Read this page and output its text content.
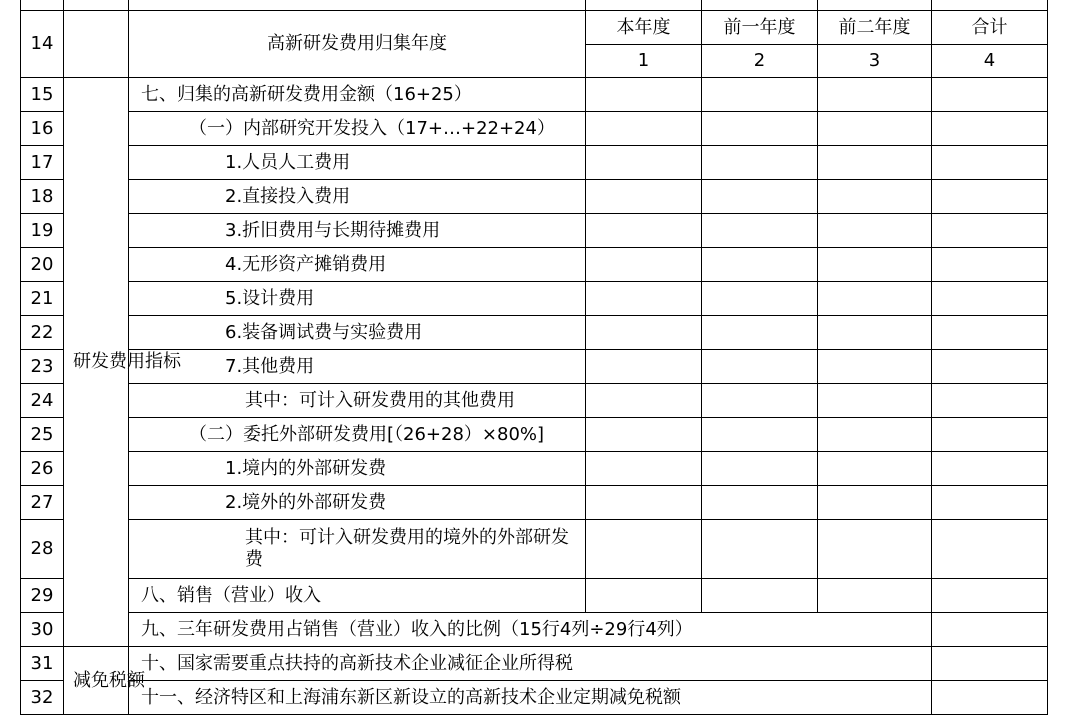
14		高新研发费用归集年度	本年度	前一年度	前二年度	合计
			1	2	3	4
15	研发费用指标	七、归集的高新研发费用金额（16+25）				
16		（一）内部研究开发投入（17+…+22+24）				
17		1.人员人工费用				
18		2.直接投入费用				
19		3.折旧费用与长期待摊费用				
20		4.无形资产摊销费用				
21		5.设计费用				
22		6.装备调试费与实验费用				
23		7.其他费用				
24		其中：可计入研发费用的其他费用				
25		（二）委托外部研发费用[（26+28）×80%]				
26		1.境内的外部研发费				
27		2.境外的外部研发费				
28		其中：可计入研发费用的境外的外部研发费				

29		八、销售（营业）收入				
30		九、三年研发费用占销售（营业）收入的比例（15行4列÷29行4列）				
31	减免税额	十、国家需要重点扶持的高新技术企业减征企业所得税				
32		十一、经济特区和上海浦东新区新设立的高新技术企业定期减免税额				
